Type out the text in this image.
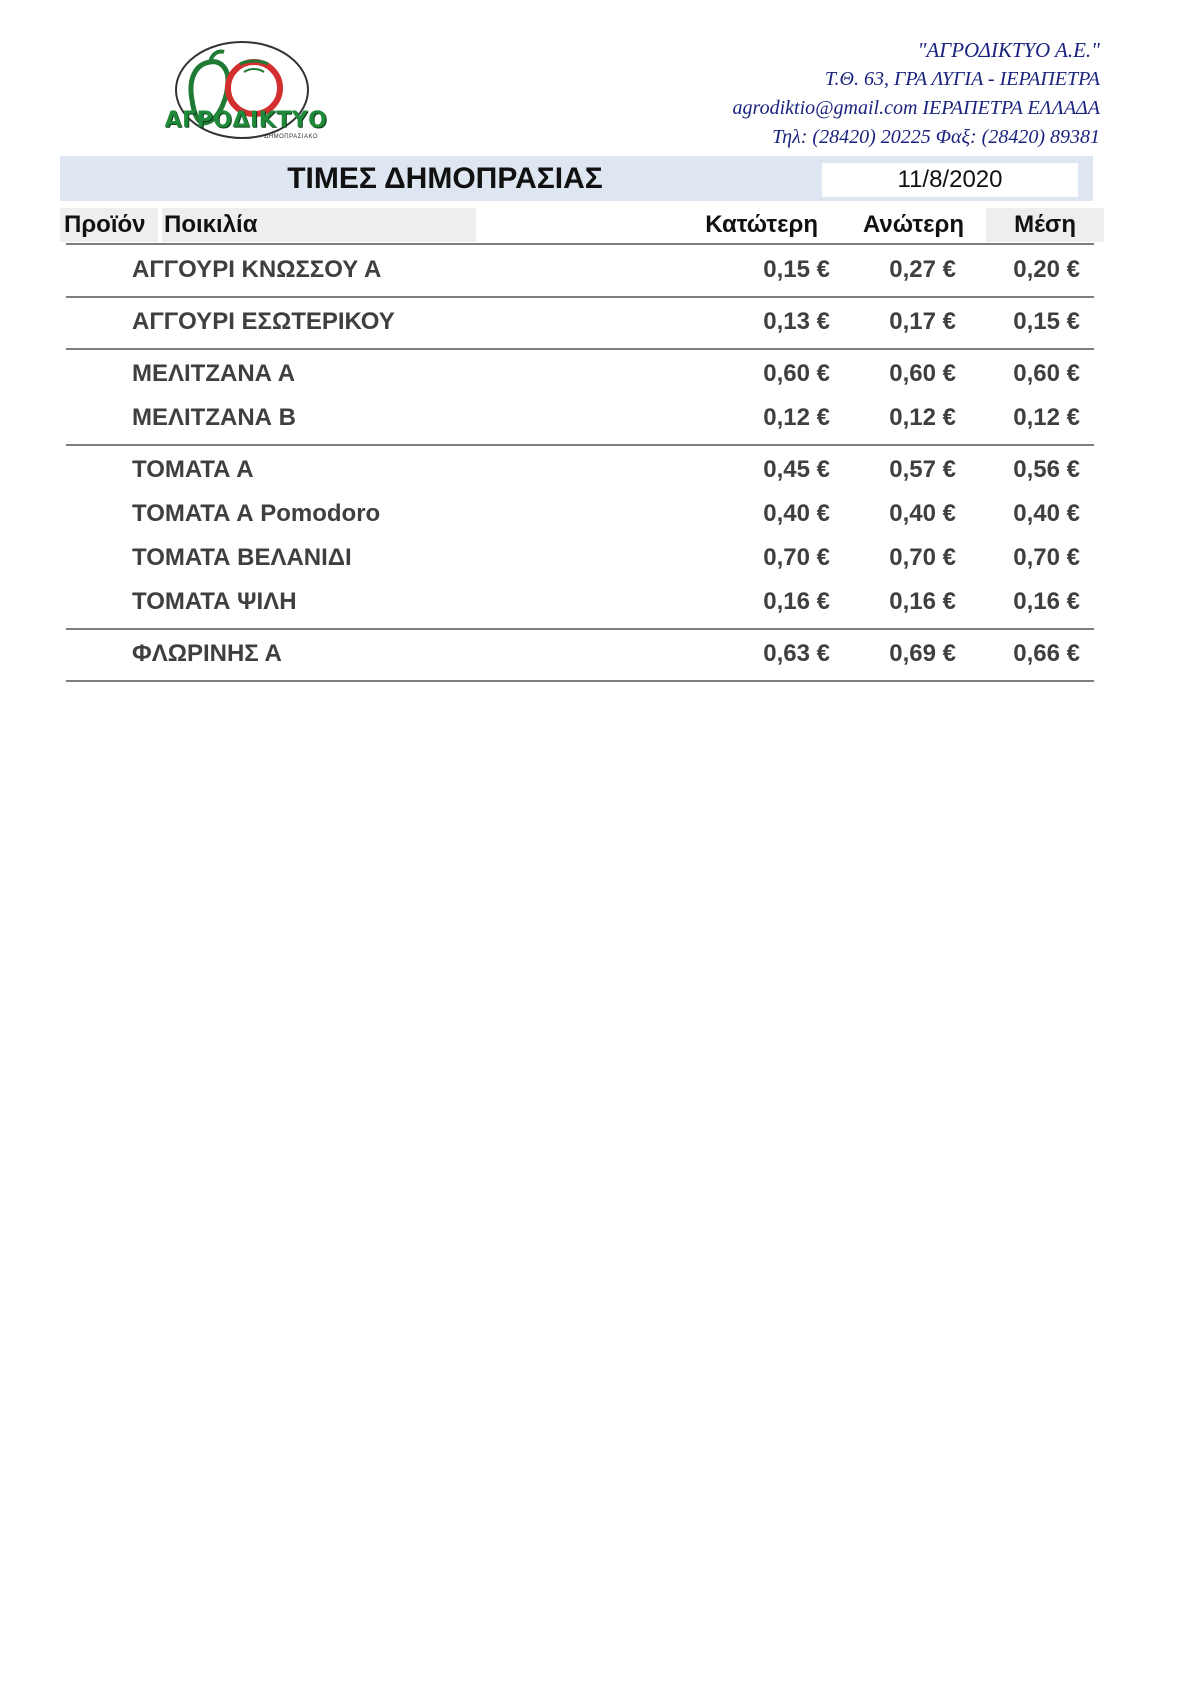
ΑΓΡΟΔΙΚΤΥΟ
ΔΗΜΟΠΡΑΣΙΑΚΟ
"ΑΓΡΟΔΙΚΤΥΟ Α.Ε."
Τ.Θ. 63, ΓΡΑ ΛΥΓΙΑ - ΙΕΡΑΠΕΤΡΑ
agrodiktio@gmail.com ΙΕΡΑΠΕΤΡΑ ΕΛΛΑΔΑ
Τηλ: (28420) 20225 Φαξ: (28420) 89381
ΤΙΜΕΣ ΔΗΜΟΠΡΑΣΙΑΣ	11/8/2020
Προϊόν Ποικιλία	Κατώτερη	Ανώτερη	Μέση
ΑΓΓΟΥΡΙ ΚΝΩΣΣΟΥ Α	0,15 €	0,27 €	0,20 €
ΑΓΓΟΥΡΙ ΕΣΩΤΕΡΙΚΟΥ	0,13 €	0,17 €	0,15 €
ΜΕΛΙΤΖΑΝΑ Α	0,60 €	0,60 €	0,60 €
ΜΕΛΙΤΖΑΝΑ Β	0,12 €	0,12 €	0,12 €
ΤΟΜΑΤΑ Α	0,45 €	0,57 €	0,56 €
ΤΟΜΑΤΑ Α Pomodoro	0,40 €	0,40 €	0,40 €
ΤΟΜΑΤΑ ΒΕΛΑΝΙΔΙ	0,70 €	0,70 €	0,70 €
ΤΟΜΑΤΑ ΨΙΛΗ	0,16 €	0,16 €	0,16 €
ΦΛΩΡΙΝΗΣ Α	0,63 €	0,69 €	0,66 €
